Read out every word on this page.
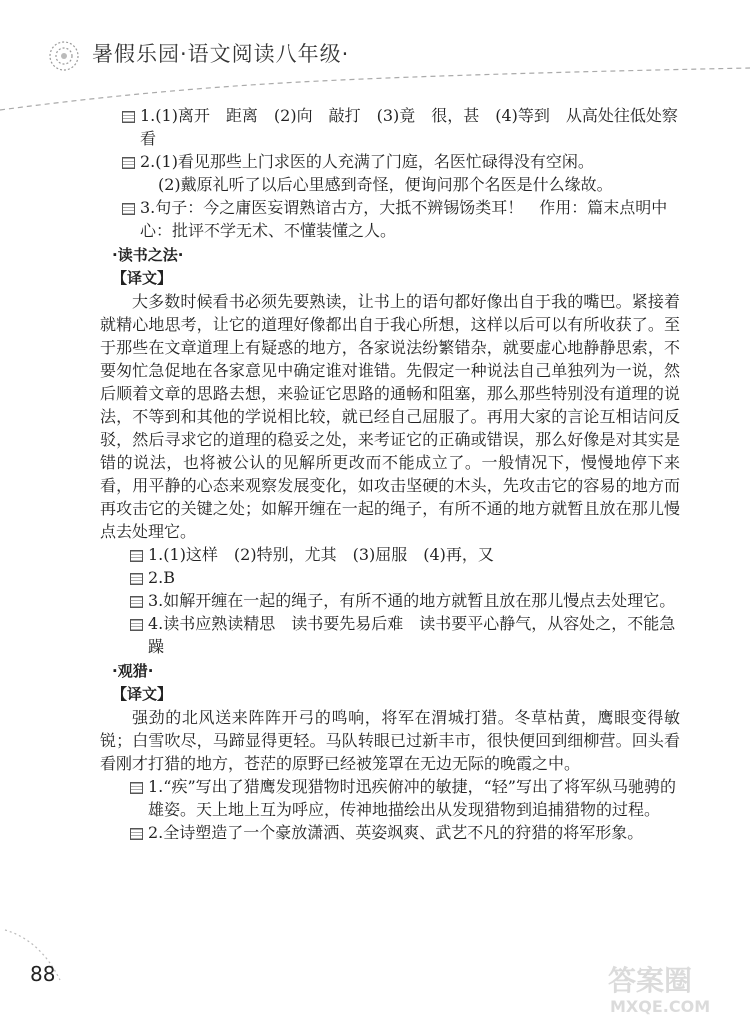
暑假乐园·语文阅读八年级·
1.(1)离开　距离　(2)向　敲打　(3)竟　很，甚　(4)等到　从高处往低处察看
2.(1)看见那些上门求医的人充满了门庭，名医忙碌得没有空闲。
(2)戴原礼听了以后心里感到奇怪，便询问那个名医是什么缘故。
3.句子：今之庸医妄谓熟谙古方，大抵不辨锡饧类耳！　作用：篇末点明中心：批评不学无术、不懂装懂之人。
·读书之法·
【译文】
大多数时候看书必须先要熟读，让书上的语句都好像出自于我的嘴巴。紧接着就精心地思考，让它的道理好像都出自于我心所想，这样以后可以有所收获了。至于那些在文章道理上有疑惑的地方，各家说法纷繁错杂，就要虚心地静静思索，不要匆忙急促地在各家意见中确定谁对谁错。先假定一种说法自己单独列为一说，然后顺着文章的思路去想，来验证它思路的通畅和阻塞，那么那些特别没有道理的说法，不等到和其他的学说相比较，就已经自己屈服了。再用大家的言论互相诘问反驳，然后寻求它的道理的稳妥之处，来考证它的正确或错误，那么好像是对其实是错的说法，也将被公认的见解所更改而不能成立了。一般情况下，慢慢地停下来看，用平静的心态来观察发展变化，如攻击坚硬的木头，先攻击它的容易的地方而再攻击它的关键之处；如解开缠在一起的绳子，有所不通的地方就暂且放在那儿慢点去处理它。
1.(1)这样　(2)特别，尤其　(3)屈服　(4)再，又
2.B
3.如解开缠在一起的绳子，有所不通的地方就暂且放在那儿慢点去处理它。
4.读书应熟读精思　读书要先易后难　读书要平心静气，从容处之，不能急躁
·观猎·
【译文】
强劲的北风送来阵阵开弓的鸣响，将军在渭城打猎。冬草枯黄，鹰眼变得敏锐；白雪吹尽，马蹄显得更轻。马队转眼已过新丰市，很快便回到细柳营。回头看看刚才打猎的地方，苍茫的原野已经被笼罩在无边无际的晚霞之中。
1.“疾”写出了猎鹰发现猎物时迅疾俯冲的敏捷，“轻”写出了将军纵马驰骋的雄姿。天上地上互为呼应，传神地描绘出从发现猎物到追捕猎物的过程。
2.全诗塑造了一个豪放潇洒、英姿飒爽、武艺不凡的狩猎的将军形象。
88	答案圈
MXQE.COM
